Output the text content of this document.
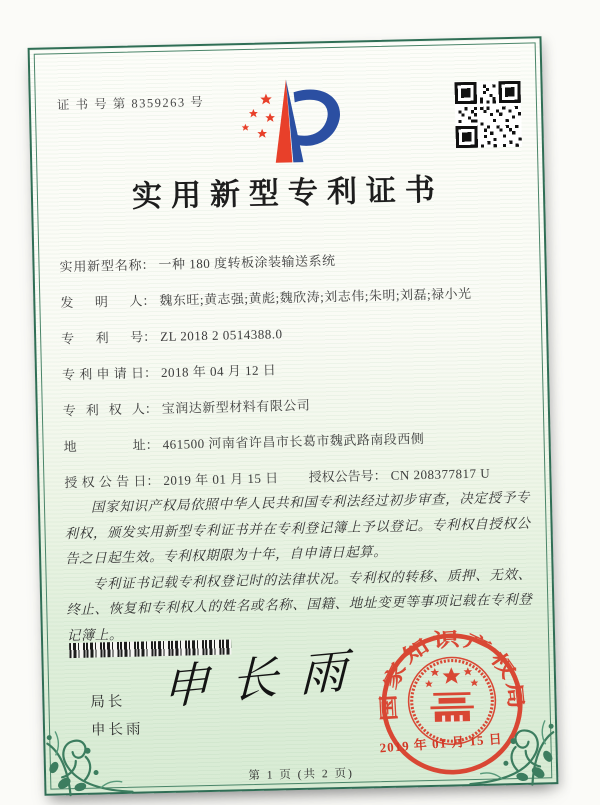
证 书 号 第 8359263 号
实用新型专利证书
实用新型名称： 一种 180 度转板涂装输送系统
发明人： 魏东旺;黄志强;黄彪;魏欣涛;刘志伟;朱明;刘磊;禄小光
专利号： ZL 2018 2 0514388.0
专利申请日： 2018 年 04 月 12 日
专利权人： 宝润达新型材料有限公司
地址： 461500 河南省许昌市长葛市魏武路南段西侧
授权公告日： 2019 年 01 月 15 日 授权公告号： CN 208377817 U

国家知识产权局依照中华人民共和国专利法经过初步审查，决定授予专利权，颁发实用新型专利证书并在专利登记簿上予以登记。专利权自授权公告之日起生效。专利权期限为十年，自申请日起算。

专利证书记载专利权登记时的法律状况。专利权的转移、质押、无效、终止、恢复和专利权人的姓名或名称、国籍、地址变更等事项记载在专利登记簿上。

局长
申长雨
申长雨 国家知识产权局
2019 年 01 月 15 日
第 1 页 (共 2 页)
